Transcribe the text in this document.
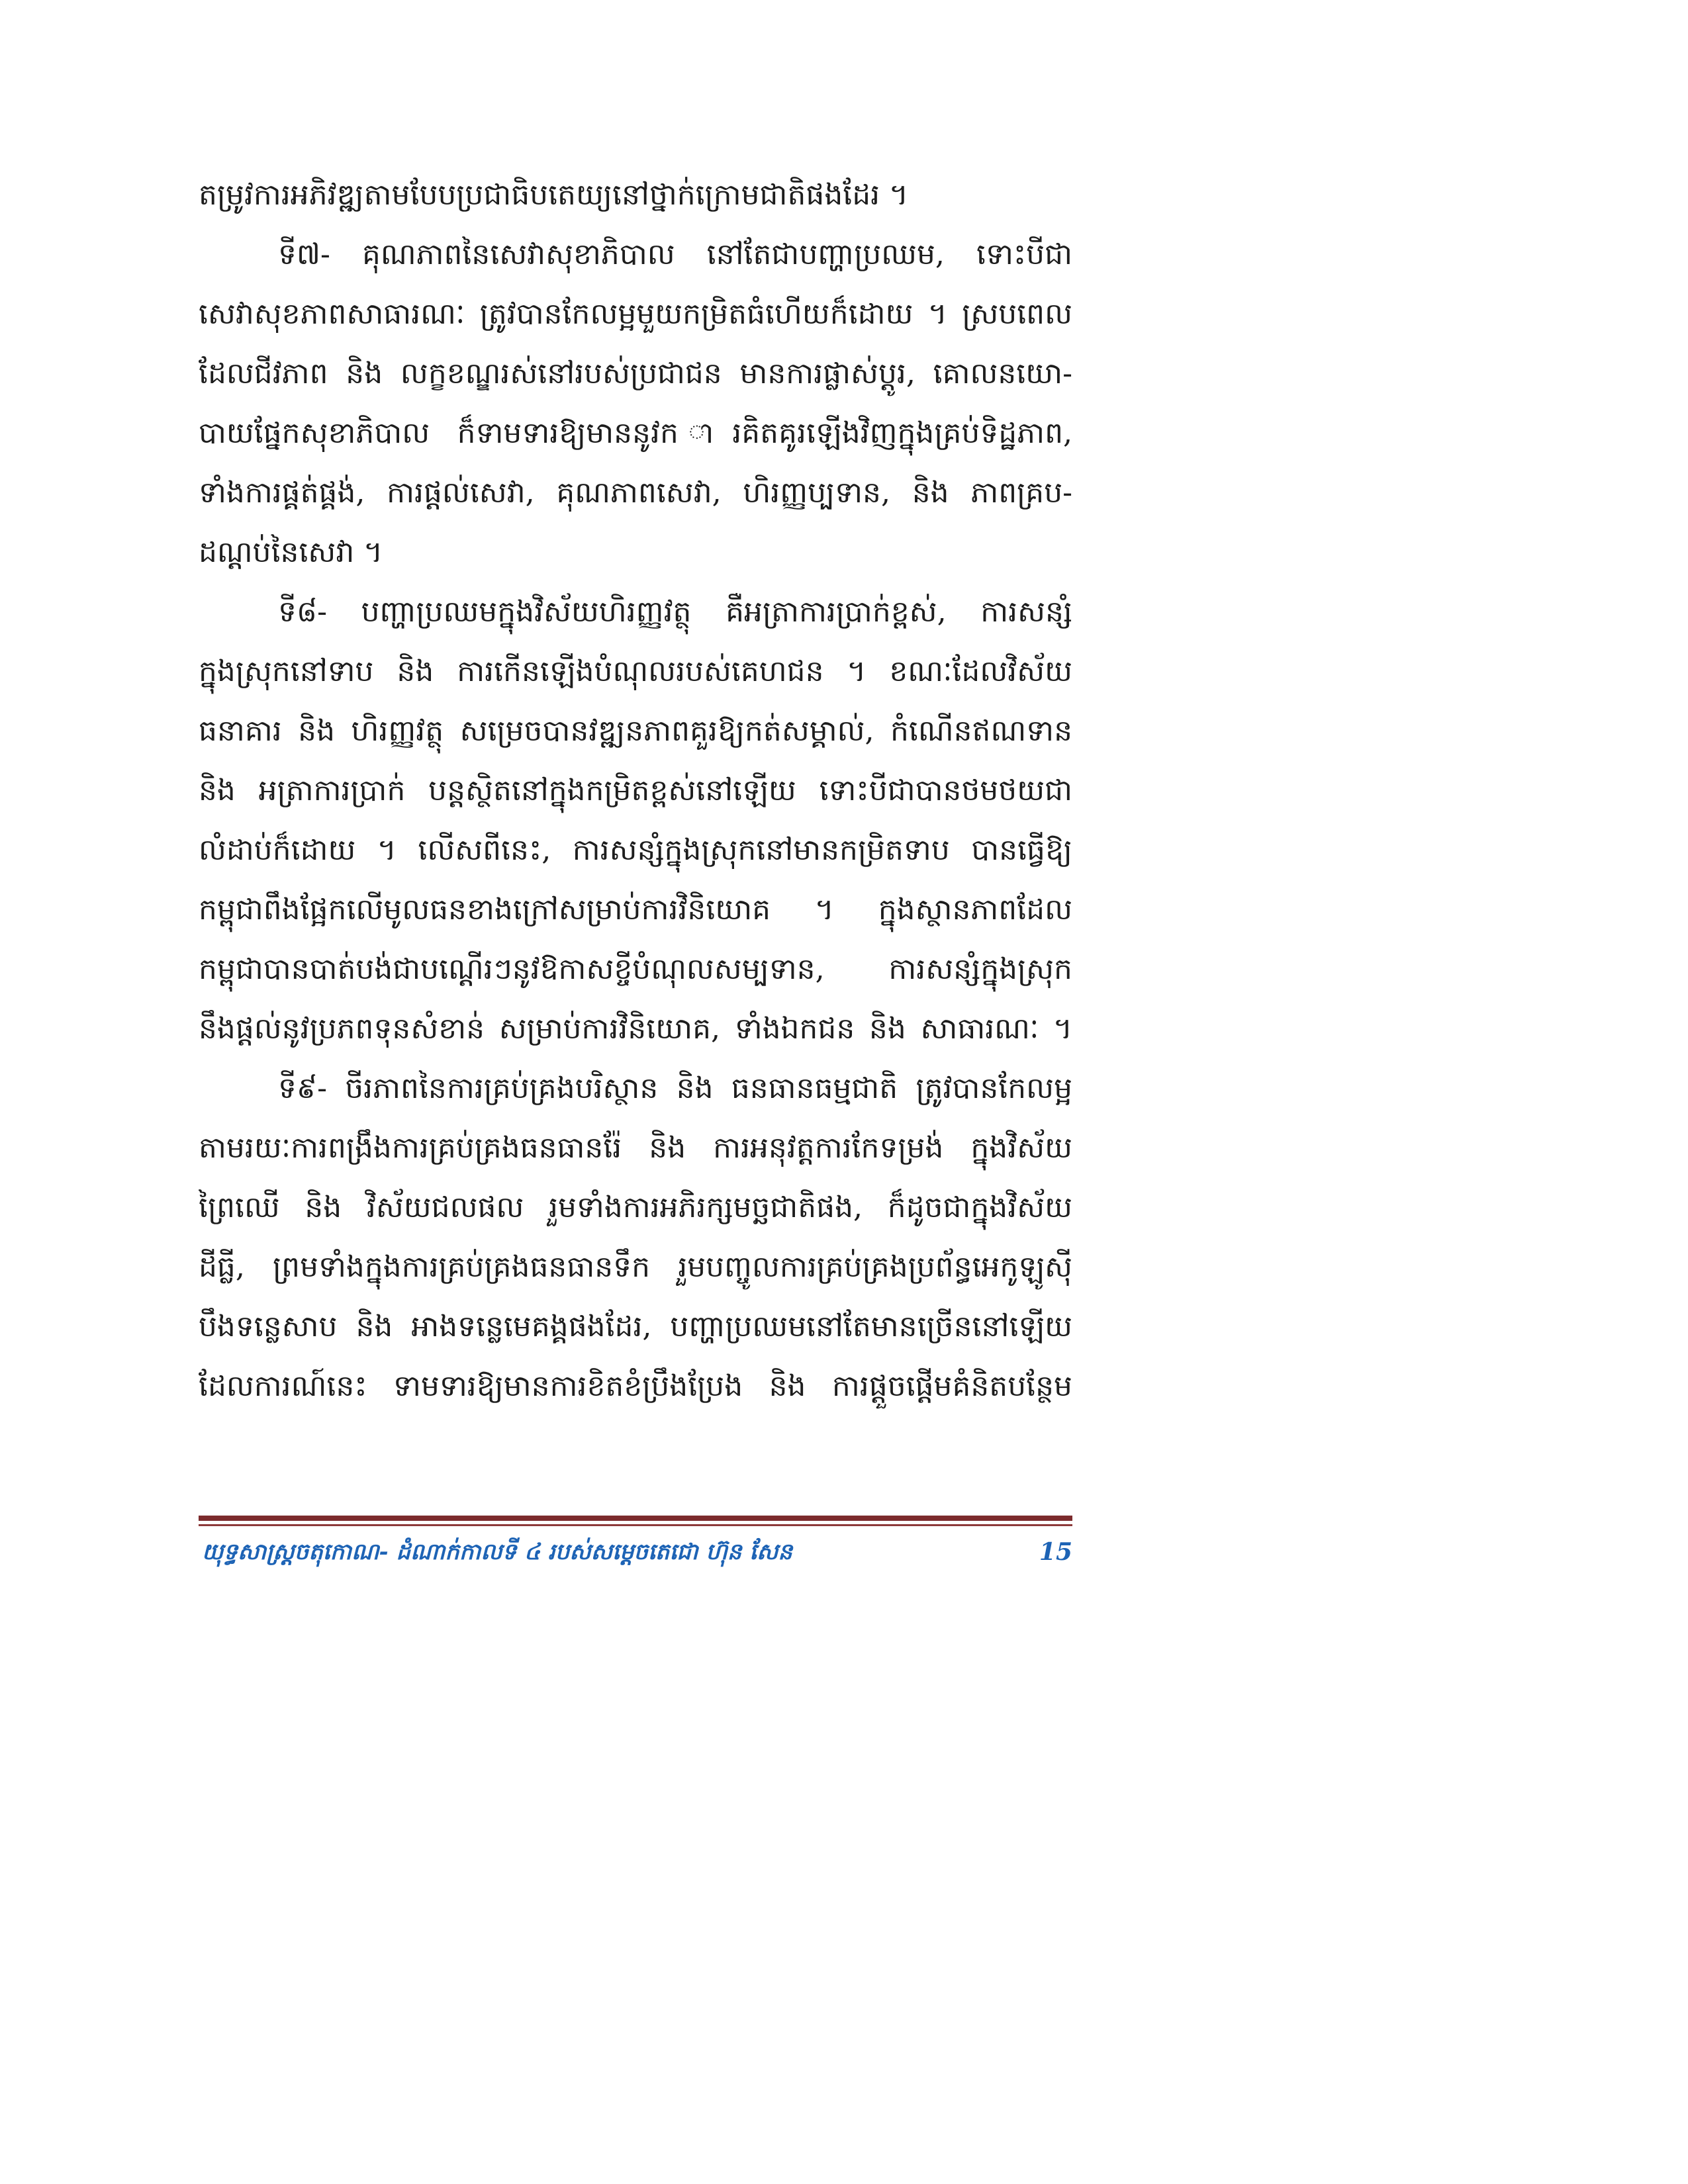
តម្រូវការអភិវឌ្ឍតាមបែបប្រជាធិបតេយ្យនៅថ្នាក់ក្រោមជាតិផងដែរ ។
ទី៧- គុណភាពនៃសេវាសុខាភិបាល នៅតែជាបញ្ហាប្រឈម, ទោះបីជា
សេវាសុខភាពសាធារណៈ ត្រូវបានកែលម្អមួយកម្រិតធំហើយក៏ដោយ ។ ស្របពេល
ដែលជីវភាព និង លក្ខខណ្ឌរស់នៅរបស់ប្រជាជន មានការផ្លាស់ប្តូរ, គោលនយោ-
បាយផ្នែកសុខាភិបាល ក៏ទាមទារឱ្យមាននូវក ារគិតគូរឡើងវិញក្នុងគ្រប់ទិដ្ឋភាព,
ទាំងការផ្គត់ផ្គង់, ការផ្តល់សេវា, គុណភាពសេវា, ហិរញ្ញប្បទាន, និង ភាពគ្រប-
ដណ្តប់នៃសេវា ។
ទី៨- បញ្ហាប្រឈមក្នុងវិស័យហិរញ្ញវត្ថុ គឺអត្រាការប្រាក់ខ្ពស់, ការសន្សំ
ក្នុងស្រុកនៅទាប និង ការកើនឡើងបំណុលរបស់គេហជន ។ ខណៈដែលវិស័យ
ធនាគារ និង ហិរញ្ញវត្ថុ សម្រេចបានវឌ្ឍនភាពគួរឱ្យកត់សម្គាល់, កំណើនឥណទាន
និង អត្រាការប្រាក់ បន្តស្ថិតនៅក្នុងកម្រិតខ្ពស់នៅឡើយ ទោះបីជាបានថមថយជា
លំដាប់ក៏ដោយ ។ លើសពីនេះ, ការសន្សំក្នុងស្រុកនៅមានកម្រិតទាប បានធ្វើឱ្យ
កម្ពុជាពឹងផ្អែកលើមូលធនខាងក្រៅសម្រាប់ការវិនិយោគ ។ ក្នុងស្ថានភាពដែល
កម្ពុជាបានបាត់បង់ជាបណ្តើរៗនូវឱកាសខ្ចីបំណុលសម្បទាន, ការសន្សំក្នុងស្រុក
នឹងផ្តល់នូវប្រភពទុនសំខាន់ សម្រាប់ការវិនិយោគ, ទាំងឯកជន និង សាធារណៈ ។
ទី៩- ចីរភាពនៃការគ្រប់គ្រងបរិស្ថាន និង ធនធានធម្មជាតិ ត្រូវបានកែលម្អ
តាមរយៈការពង្រឹងការគ្រប់គ្រងធនធានរ៉ែ និង ការអនុវត្តការកែទម្រង់ ក្នុងវិស័យ
ព្រៃឈើ និង វិស័យជលផល រួមទាំងការអភិរក្សមច្ឆជាតិផង, ក៏ដូចជាក្នុងវិស័យ
ដីធ្លី, ព្រមទាំងក្នុងការគ្រប់គ្រងធនធានទឹក រួមបញ្ចូលការគ្រប់គ្រងប្រព័ន្ធអេកូឡូស៊ី
បឹងទន្លេសាប និង អាងទន្លេមេគង្គផងដែរ, បញ្ហាប្រឈមនៅតែមានច្រើននៅឡើយ
ដែលការណ៍នេះ ទាមទារឱ្យមានការខិតខំប្រឹងប្រែង និង ការផ្តួចផ្តើមគំនិតបន្ថែម
យុទ្ធសាស្ត្រចតុកោណ- ដំណាក់កាលទី ៤ របស់សម្តេចតេជោ ហ៊ុន សែន	15
